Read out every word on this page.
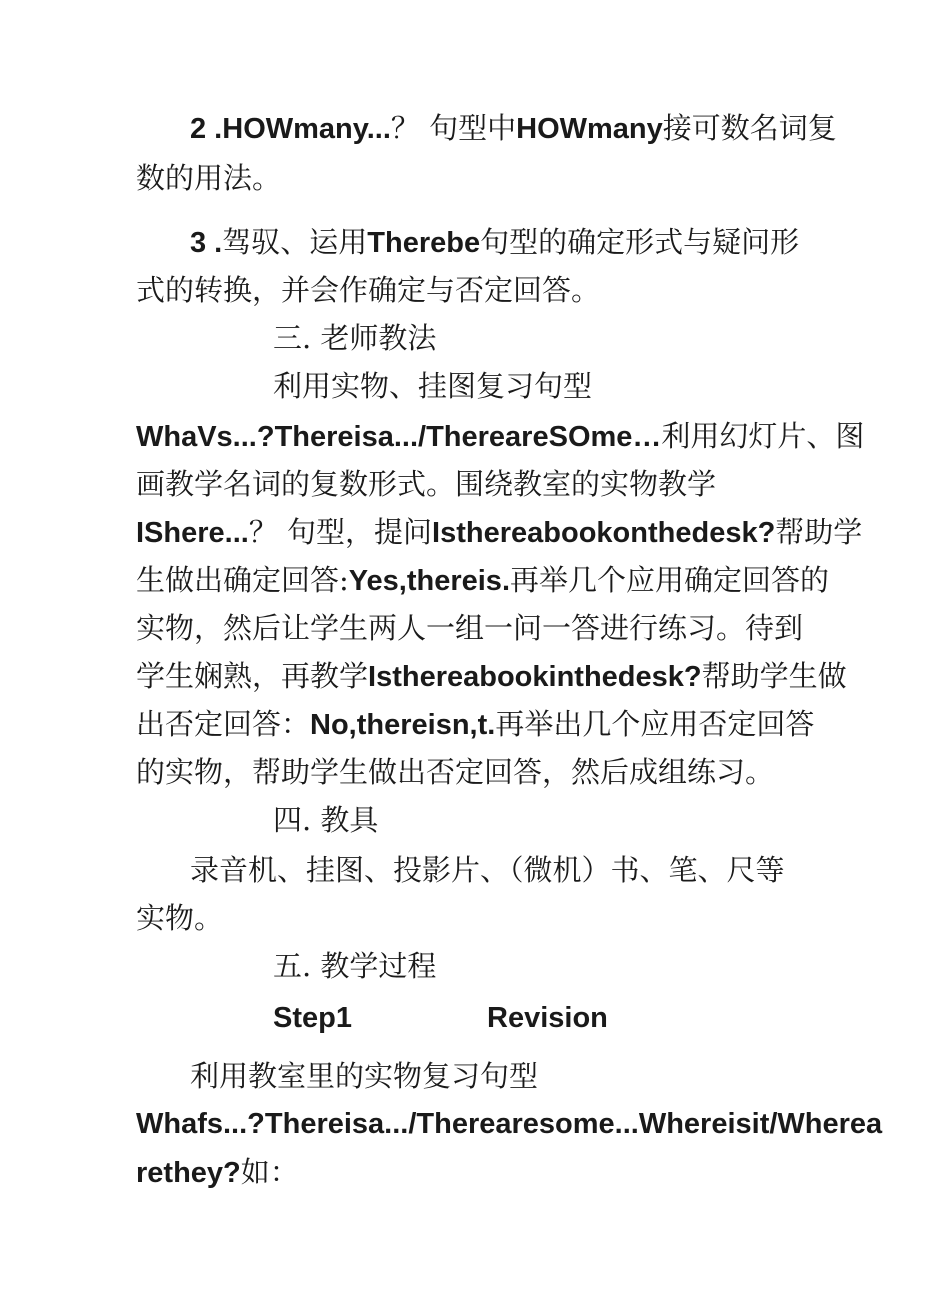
2 .HOWmany...？ 句型中HOWmany接可数名词复
数的用法。
3 .驾驭、运用Therebe句型的确定形式与疑问形
式的转换，并会作确定与否定回答。
三. 老师教法
利用实物、挂图复习句型
WhaVs...?Thereisa.../ThereareSOme…利用幻灯片、图
画教学名词的复数形式。围绕教室的实物教学
IShere...？ 句型，提问Isthereabookonthedesk?帮助学
生做出确定回答:Yes,thereis.再举几个应用确定回答的
实物，然后让学生两人一组一问一答进行练习。待到
学生娴熟，再教学Isthereabookinthedesk?帮助学生做
出否定回答：No,thereisn,t.再举出几个应用否定回答
的实物，帮助学生做出否定回答，然后成组练习。
四. 教具
录音机、挂图、投影片、（微机）书、笔、尺等
实物。
五. 教学过程
Step1	Revision
利用教室里的实物复习句型
Whafs...?Thereisa.../Therearesome...Whereisit/Wherea
rethey?如：
